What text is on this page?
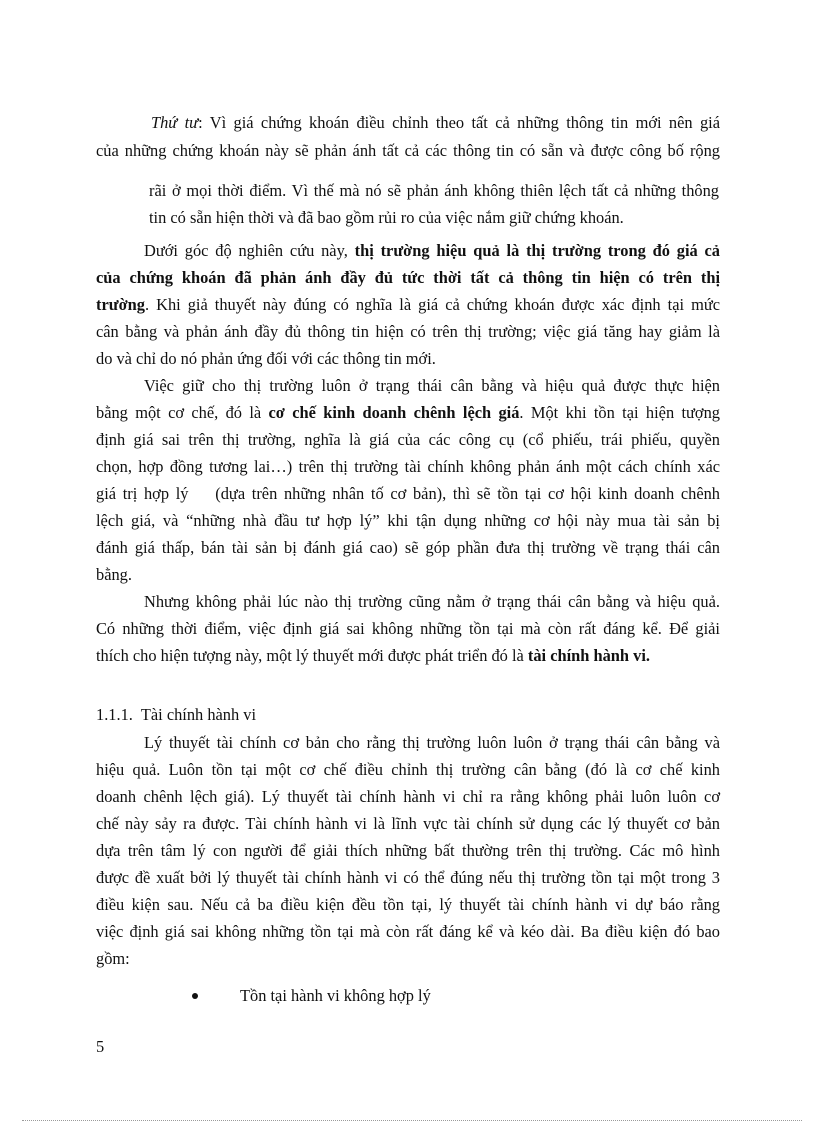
Thứ tư: Vì giá chứng khoán điều chỉnh theo tất cả những thông tin mới nên giá
của những chứng khoán này sẽ phản ánh tất cả các thông tin có sẵn và được công bố rộng
rãi ở mọi thời điểm. Vì thế mà nó sẽ phản ánh không thiên lệch tất cả những thông
tin có sẵn hiện thời và đã bao gồm rủi ro của việc nắm giữ chứng khoán.
Dưới góc độ nghiên cứu này, thị trường hiệu quả là thị trường trong đó giá cả
của chứng khoán đã phản ánh đầy đủ tức thời tất cả thông tin hiện có trên thị
trường. Khi giả thuyết này đúng có nghĩa là giá cả chứng khoán được xác định tại mức
cân bằng và phản ánh đầy đủ thông tin hiện có trên thị trường; việc giá tăng hay giảm là
do và chỉ do nó phản ứng đối với các thông tin mới.
Việc giữ cho thị trường luôn ở trạng thái cân bằng và hiệu quả được thực hiện
bằng một cơ chế, đó là cơ chế kinh doanh chênh lệch giá. Một khi tồn tại hiện tượng
định giá sai trên thị trường, nghĩa là giá của các công cụ (cổ phiếu, trái phiếu, quyền
chọn, hợp đồng tương lai…) trên thị trường tài chính không phản ánh một cách chính xác
giá trị hợp lý    (dựa trên những nhân tố cơ bản), thì sẽ tồn tại cơ hội kinh doanh chênh
lệch giá, và “những nhà đầu tư hợp lý” khi tận dụng những cơ hội này mua tài sản bị
đánh giá thấp, bán tài sản bị đánh giá cao) sẽ góp phần đưa thị trường về trạng thái cân
bằng.
Nhưng không phải lúc nào thị trường cũng nằm ở trạng thái cân bằng và hiệu quả.
Có những thời điểm, việc định giá sai không những tồn tại mà còn rất đáng kể. Để giải
thích cho hiện tượng này, một lý thuyết mới được phát triển đó là tài chính hành vi.
1.1.1. Tài chính hành vi
Lý thuyết tài chính cơ bản cho rằng thị trường luôn luôn ở trạng thái cân bằng và
hiệu quả. Luôn tồn tại một cơ chế điều chỉnh thị trường cân bằng (đó là cơ chế kinh
doanh chênh lệch giá). Lý thuyết tài chính hành vi chỉ ra rằng không phải luôn luôn cơ
chế này sảy ra được. Tài chính hành vi là lĩnh vực tài chính sử dụng các lý thuyết cơ bản
dựa trên tâm lý con người để giải thích những bất thường trên thị trường. Các mô hình
được đề xuất bởi lý thuyết tài chính hành vi có thể đúng nếu thị trường tồn tại một trong 3
điều kiện sau. Nếu cả ba điều kiện đều tồn tại, lý thuyết tài chính hành vi dự báo rằng
việc định giá sai không những tồn tại mà còn rất đáng kể và kéo dài. Ba điều kiện đó bao
gồm:
Tồn tại hành vi không hợp lý
5
